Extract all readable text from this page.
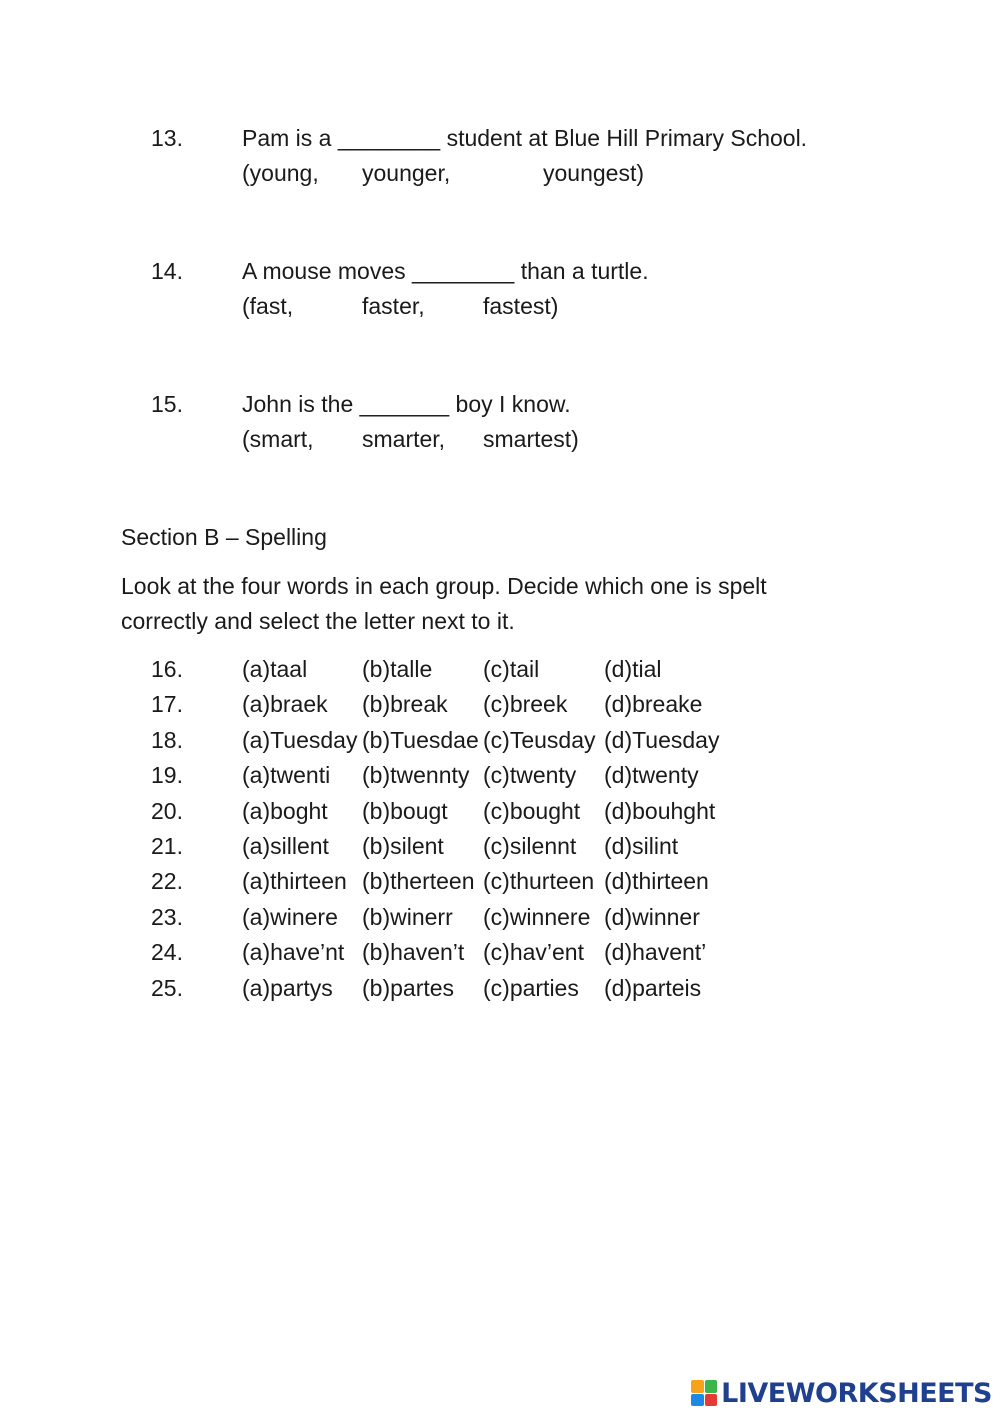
13.	Pam is a ________ student at Blue Hill Primary School.
(young, younger,	youngest)
14.	A mouse moves ________ than a turtle.
(fast,	faster,	fastest)
15.	John is the _______ boy I know.
(smart, smarter, smartest)
Section B – Spelling
Look at the four words in each group. Decide which one is spelt
correctly and select the letter next to it.
16.	(a)taal (b)talle (c)tail	(d)tial
17.	(a)braek (b)break (c)breek (d)breake
18.	(a)Tuesday (b)Tuesdae (c)Teusday (d)Tuesday
19.	(a)twenti (b)twennty (c)twenty (d)twenty
20.	(a)boght (b)bougt (c)bought (d)bouhght
21.	(a)sillent (b)silent (c)silennt (d)silint
22.	(a)thirteen (b)therteen (c)thurteen (d)thirteen
23.	(a)winere (b)winerr (c)winnere (d)winner
24.	(a)have’nt (b)haven’t (c)hav’ent (d)havent’
25.	(a)partys (b)partes (c)parties (d)parteis
LIVEWORKSHEETS
